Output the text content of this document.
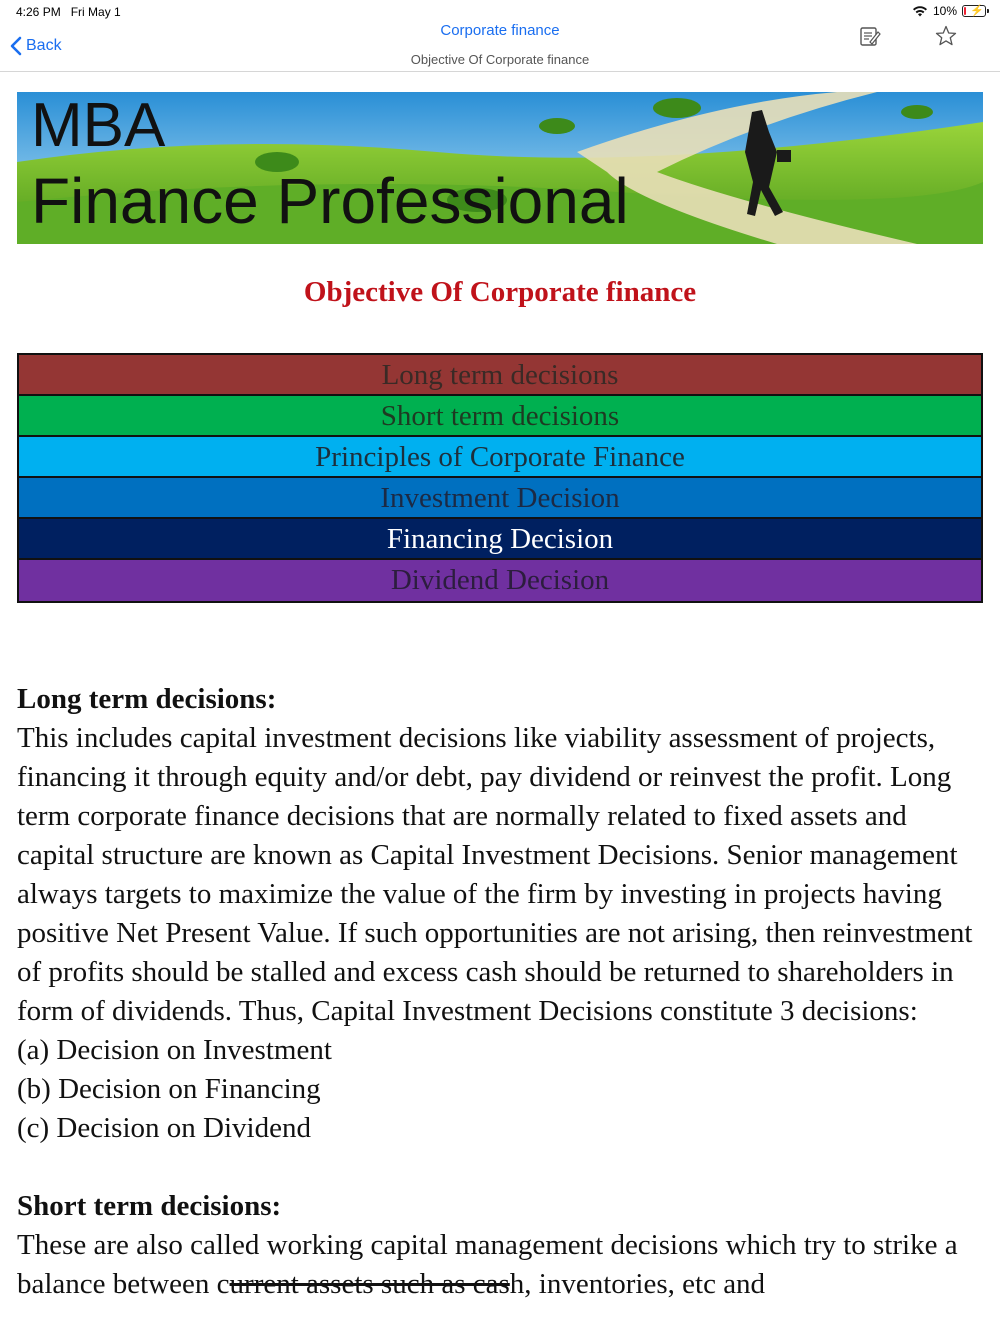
4:26 PM Fri May 1	10% ⚡
Back
Corporate finance
Objective Of Corporate finance
MBA
Finance Professional
Objective Of Corporate finance
Long term decisions
Short term decisions
Principles of Corporate Finance
Investment Decision
Financing Decision
Dividend Decision
Long term decisions:
This includes capital investment decisions like viability assessment of projects, financing it through equity and/or debt, pay dividend or reinvest the profit. Long term corporate finance decisions that are normally related to fixed assets and capital structure are known as Capital Investment Decisions. Senior management always targets to maximize the value of the firm by investing in projects having positive Net Present Value. If such opportunities are not arising, then reinvestment of profits should be stalled and excess cash should be returned to shareholders in form of dividends. Thus, Capital Investment Decisions constitute 3 decisions:
(a) Decision on Investment
(b) Decision on Financing
(c) Decision on Dividend
Short term decisions:
These are also called working capital management decisions which try to strike a balance between current assets such as cash, inventories, etc and
